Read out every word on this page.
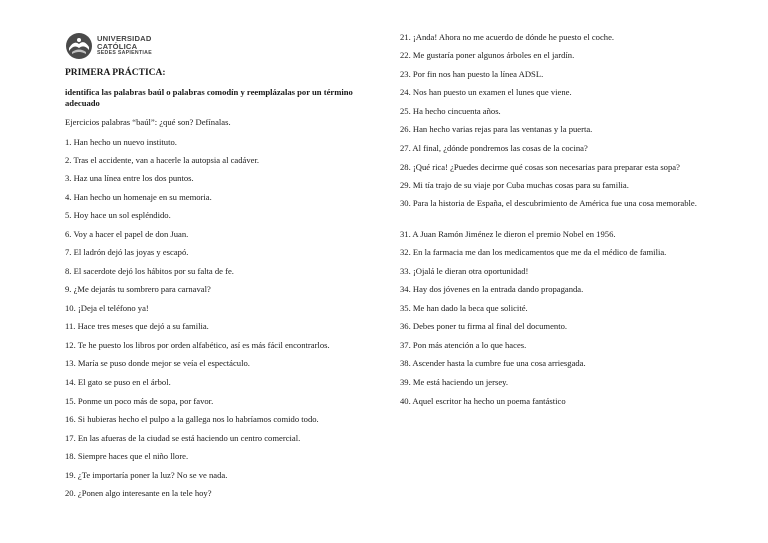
UNIVERSIDAD
CATÓLICA
SEDES SAPIENTIAE
PRIMERA PRÁCTICA:
identifica las palabras baúl o palabras comodín y reemplázalas por un término adecuado
Ejercicios palabras “baúl”: ¿qué son? Defínalas.
1. Han hecho un nuevo instituto.
2. Tras el accidente, van a hacerle la autopsia al cadáver.
3. Haz una línea entre los dos puntos.
4. Han hecho un homenaje en su memoria.
5. Hoy hace un sol espléndido.
6. Voy a hacer el papel de don Juan.
7. El ladrón dejó las joyas y escapó.
8. El sacerdote dejó los hábitos por su falta de fe.
9. ¿Me dejarás tu sombrero para carnaval?
10. ¡Deja el teléfono ya!
11. Hace tres meses que dejó a su familia.
12. Te he puesto los libros por orden alfabético, así es más fácil encontrarlos.
13. María se puso donde mejor se veía el espectáculo.
14. El gato se puso en el árbol.
15. Ponme un poco más de sopa, por favor.
16. Si hubieras hecho el pulpo a la gallega nos lo habríamos comido todo.
17. En las afueras de la ciudad se está haciendo un centro comercial.
18. Siempre haces que el niño llore.
19. ¿Te importaría poner la luz? No se ve nada.
20. ¿Ponen algo interesante en la tele hoy?
21. ¡Anda! Ahora no me acuerdo de dónde he puesto el coche.
22. Me gustaría poner algunos árboles en el jardín.
23. Por fin nos han puesto la línea ADSL.
24. Nos han puesto un examen el lunes que viene.
25. Ha hecho cincuenta años.
26. Han hecho varias rejas para las ventanas y la puerta.
27. Al final, ¿dónde pondremos las cosas de la cocina?
28. ¡Qué rica! ¿Puedes decirme qué cosas son necesarias para preparar esta sopa?
29. Mi tía trajo de su viaje por Cuba muchas cosas para su familia.
30. Para la historia de España, el descubrimiento de América fue una cosa memorable.
31. A Juan Ramón Jiménez le dieron el premio Nobel en 1956.
32. En la farmacia me dan los medicamentos que me da el médico de familia.
33. ¡Ojalá le dieran otra oportunidad!
34. Hay dos jóvenes en la entrada dando propaganda.
35. Me han dado la beca que solicité.
36. Debes poner tu firma al final del documento.
37. Pon más atención a lo que haces.
38. Ascender hasta la cumbre fue una cosa arriesgada.
39. Me está haciendo un jersey.
40. Aquel escritor ha hecho un poema fantástico
